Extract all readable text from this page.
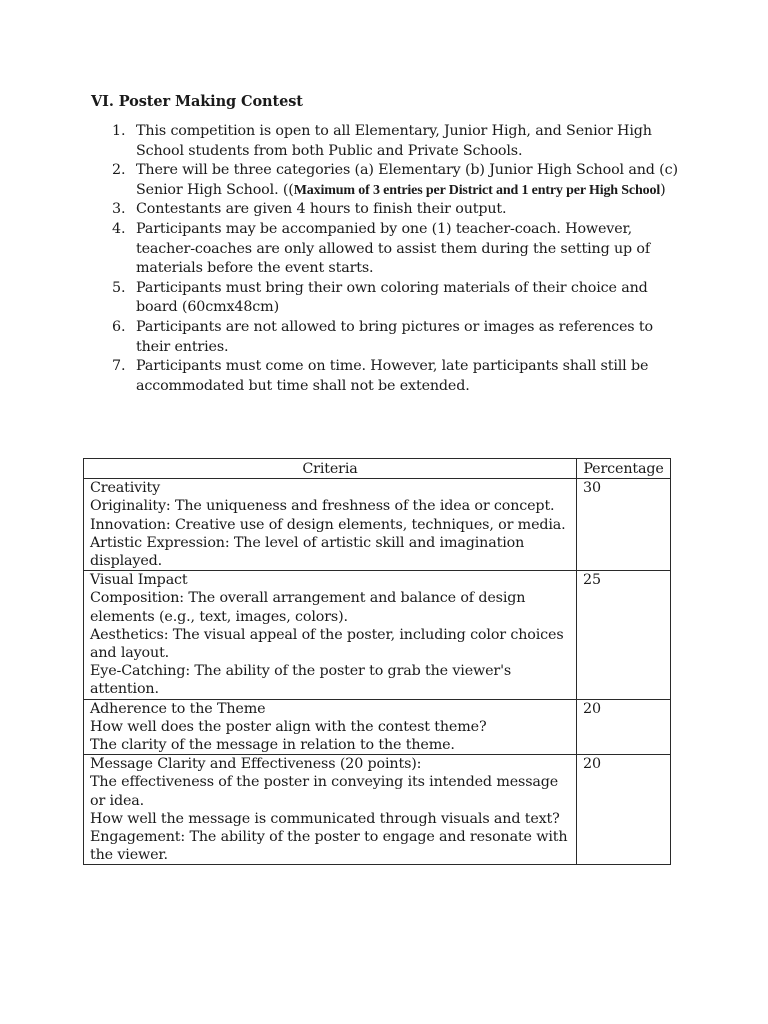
VI. Poster Making Contest
1. This competition is open to all Elementary, Junior High, and Senior High School students from both Public and Private Schools.
2. There will be three categories (a) Elementary (b) Junior High School and (c) Senior High School. ((Maximum of 3 entries per District and 1 entry per High School)
3. Contestants are given 4 hours to finish their output.
4. Participants may be accompanied by one (1) teacher-coach. However, teacher-coaches are only allowed to assist them during the setting up of materials before the event starts.
5. Participants must bring their own coloring materials of their choice and board (60cmx48cm)
6. Participants are not allowed to bring pictures or images as references to their entries.
7. Participants must come on time. However, late participants shall still be accommodated but time shall not be extended.
Criteria	Percentage

Creativity
Originality: The uniqueness and freshness of the idea or concept.
Innovation: Creative use of design elements, techniques, or media.
Artistic Expression: The level of artistic skill and imagination displayed.	30

Visual Impact
Composition: The overall arrangement and balance of design elements (e.g., text, images, colors).
Aesthetics: The visual appeal of the poster, including color choices and layout.
Eye-Catching: The ability of the poster to grab the viewer's attention.	25

Adherence to the Theme
How well does the poster align with the contest theme?
The clarity of the message in relation to the theme.	20

Message Clarity and Effectiveness (20 points):
The effectiveness of the poster in conveying its intended message or idea.
How well the message is communicated through visuals and text?
Engagement: The ability of the poster to engage and resonate with the viewer.	20
